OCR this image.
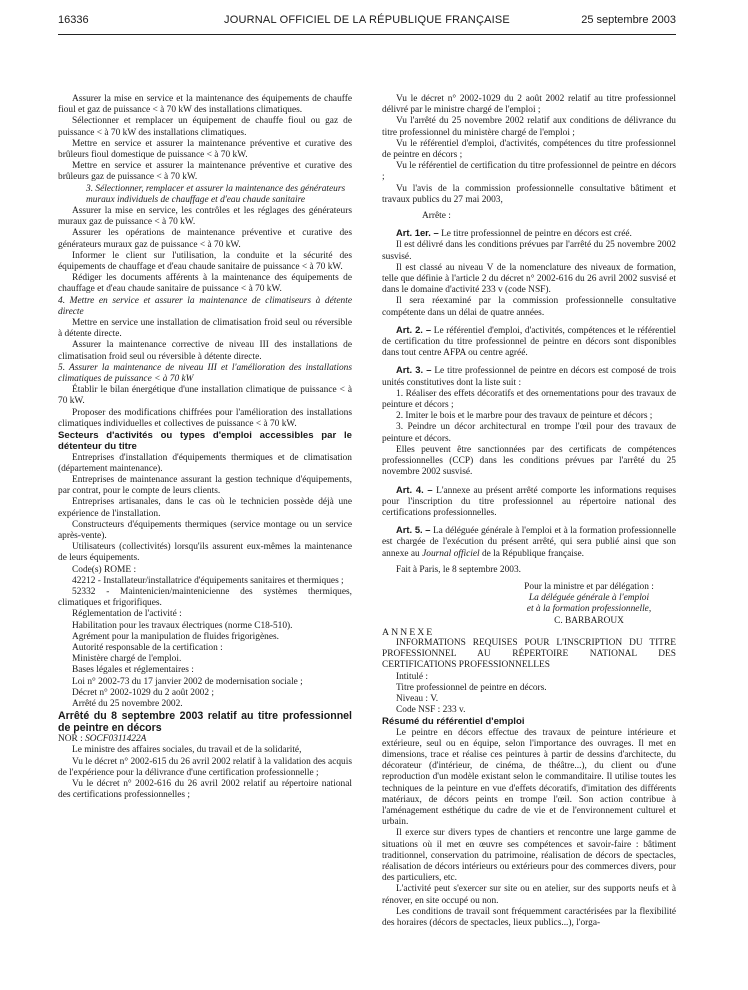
16336	JOURNAL OFFICIEL DE LA RÉPUBLIQUE FRANÇAISE	25 septembre 2003

Assurer la mise en service et la maintenance des équipements de chauffe fioul et gaz de puissance < à 70 kW des installations climatiques.

Sélectionner et remplacer un équipement de chauffe fioul ou gaz de puissance < à 70 kW des installations climatiques.

Mettre en service et assurer la maintenance préventive et curative des brûleurs fioul domestique de puissance < à 70 kW.

Mettre en service et assurer la maintenance préventive et curative des brûleurs gaz de puissance < à 70 kW.

3. Sélectionner, remplacer et assurer la maintenance des générateurs muraux individuels de chauffage et d'eau chaude sanitaire

Assurer la mise en service, les contrôles et les réglages des générateurs muraux gaz de puissance < à 70 kW.

Assurer les opérations de maintenance préventive et curative des générateurs muraux gaz de puissance < à 70 kW.

Informer le client sur l'utilisation, la conduite et la sécurité des équipements de chauffage et d'eau chaude sanitaire de puissance < à 70 kW.

Rédiger les documents afférents à la maintenance des équipements de chauffage et d'eau chaude sanitaire de puissance < à 70 kW.

4. Mettre en service et assurer la maintenance de climatiseurs à détente directe

Mettre en service une installation de climatisation froid seul ou réversible à détente directe.

Assurer la maintenance corrective de niveau III des installations de climatisation froid seul ou réversible à détente directe.

5. Assurer la maintenance de niveau III et l'amélioration des installations climatiques de puissance < à 70 kW

Établir le bilan énergétique d'une installation climatique de puissance < à 70 kW.

Proposer des modifications chiffrées pour l'amélioration des installations climatiques individuelles et collectives de puissance < à 70 kW.

Secteurs d'activités ou types d'emploi accessibles par le détenteur du titre

Entreprises d'installation d'équipements thermiques et de climatisation (département maintenance).

Entreprises de maintenance assurant la gestion technique d'équipements, par contrat, pour le compte de leurs clients.

Entreprises artisanales, dans le cas où le technicien possède déjà une expérience de l'installation.

Constructeurs d'équipements thermiques (service montage ou un service après-vente).

Utilisateurs (collectivités) lorsqu'ils assurent eux-mêmes la maintenance de leurs équipements.

Code(s) ROME :

42212 - Installateur/installatrice d'équipements sanitaires et thermiques ;

52332 - Maintenicien/maintenicienne des systèmes thermiques, climatiques et frigorifiques.

Réglementation de l'activité :

Habilitation pour les travaux électriques (norme C18-510).

Agrément pour la manipulation de fluides frigorigènes.

Autorité responsable de la certification :

Ministère chargé de l'emploi.

Bases légales et réglementaires :

Loi n° 2002-73 du 17 janvier 2002 de modernisation sociale ;

Décret n° 2002-1029 du 2 août 2002 ;

Arrêté du 25 novembre 2002.

Arrêté du 8 septembre 2003 relatif au titre professionnel de peintre en décors

NOR : SOCF0311422A

Le ministre des affaires sociales, du travail et de la solidarité,

Vu le décret n° 2002-615 du 26 avril 2002 relatif à la validation des acquis de l'expérience pour la délivrance d'une certification professionnelle ;

Vu le décret n° 2002-616 du 26 avril 2002 relatif au répertoire national des certifications professionnelles ;

Vu le décret n° 2002-1029 du 2 août 2002 relatif au titre professionnel délivré par le ministre chargé de l'emploi ;

Vu l'arrêté du 25 novembre 2002 relatif aux conditions de délivrance du titre professionnel du ministère chargé de l'emploi ;

Vu le référentiel d'emploi, d'activités, compétences du titre professionnel de peintre en décors ;

Vu le référentiel de certification du titre professionnel de peintre en décors ;

Vu l'avis de la commission professionnelle consultative bâtiment et travaux publics du 27 mai 2003,

Arrête :

Art. 1er. – Le titre professionnel de peintre en décors est créé.

Il est délivré dans les conditions prévues par l'arrêté du 25 novembre 2002 susvisé.

Il est classé au niveau V de la nomenclature des niveaux de formation, telle que définie à l'article 2 du décret n° 2002-616 du 26 avril 2002 susvisé et dans le domaine d'activité 233 v (code NSF).

Il sera réexaminé par la commission professionnelle consultative compétente dans un délai de quatre années.

Art. 2. – Le référentiel d'emploi, d'activités, compétences et le référentiel de certification du titre professionnel de peintre en décors sont disponibles dans tout centre AFPA ou centre agréé.

Art. 3. – Le titre professionnel de peintre en décors est composé de trois unités constitutives dont la liste suit :

1. Réaliser des effets décoratifs et des ornementations pour des travaux de peinture et décors ;

2. Imiter le bois et le marbre pour des travaux de peinture et décors ;

3. Peindre un décor architectural en trompe l'œil pour des travaux de peinture et décors.

Elles peuvent être sanctionnées par des certificats de compétences professionnelles (CCP) dans les conditions prévues par l'arrêté du 25 novembre 2002 susvisé.

Art. 4. – L'annexe au présent arrêté comporte les informations requises pour l'inscription du titre professionnel au répertoire national des certifications professionnelles.

Art. 5. – La déléguée générale à l'emploi et à la formation professionnelle est chargée de l'exécution du présent arrêté, qui sera publié ainsi que son annexe au Journal officiel de la République française.

Fait à Paris, le 8 septembre 2003.

Pour la ministre et par délégation :
La déléguée générale à l'emploi
et à la formation professionnelle,
C. BARBAROUX

ANNEXE

INFORMATIONS REQUISES POUR L'INSCRIPTION DU TITRE PROFESSIONNEL AU RÉPERTOIRE NATIONAL DES CERTIFICATIONS PROFESSIONNELLES

Intitulé :

Titre professionnel de peintre en décors.

Niveau : V.

Code NSF : 233 v.

Résumé du référentiel d'emploi

Le peintre en décors effectue des travaux de peinture intérieure et extérieure, seul ou en équipe, selon l'importance des ouvrages. Il met en dimensions, trace et réalise ces peintures à partir de dessins d'architecte, du décorateur (d'intérieur, de cinéma, de théâtre...), du client ou d'une reproduction d'un modèle existant selon le commanditaire. Il utilise toutes les techniques de la peinture en vue d'effets décoratifs, d'imitation des différents matériaux, de décors peints en trompe l'œil. Son action contribue à l'aménagement esthétique du cadre de vie et de l'environnement culturel et urbain.

Il exerce sur divers types de chantiers et rencontre une large gamme de situations où il met en œuvre ses compétences et savoir-faire : bâtiment traditionnel, conservation du patrimoine, réalisation de décors de spectacles, réalisation de décors intérieurs ou extérieurs pour des commerces divers, pour des particuliers, etc.

L'activité peut s'exercer sur site ou en atelier, sur des supports neufs et à rénover, en site occupé ou non.

Les conditions de travail sont fréquemment caractérisées par la flexibilité des horaires (décors de spectacles, lieux publics...), l'orga-
